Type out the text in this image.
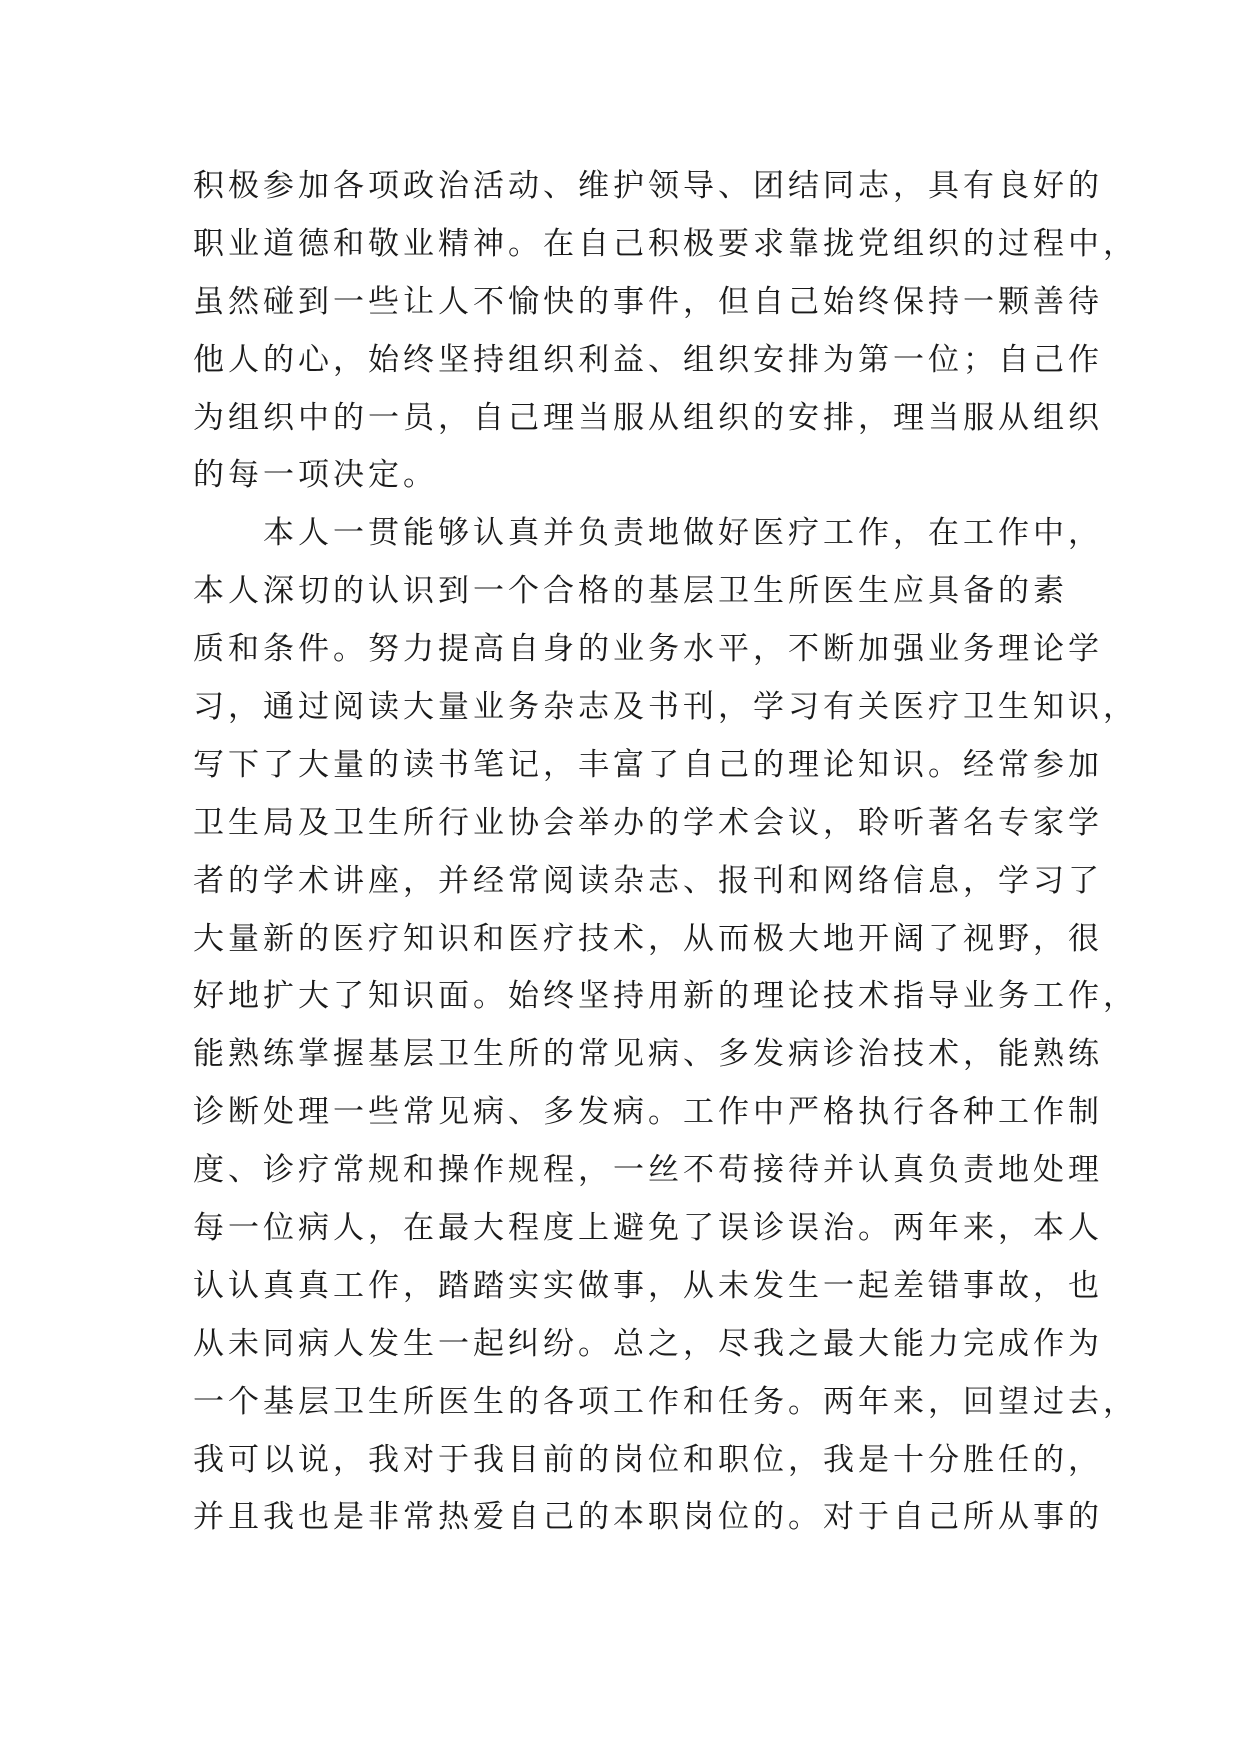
积极参加各项政治活动、维护领导、团结同志，具有良好的
职业道德和敬业精神。在自己积极要求靠拢党组织的过程中，
虽然碰到一些让人不愉快的事件，但自己始终保持一颗善待
他人的心，始终坚持组织利益、组织安排为第一位；自己作
为组织中的一员，自己理当服从组织的安排，理当服从组织
的每一项决定。
　　本人一贯能够认真并负责地做好医疗工作，在工作中，
本人深切的认识到一个合格的基层卫生所医生应具备的素
质和条件。努力提高自身的业务水平，不断加强业务理论学
习，通过阅读大量业务杂志及书刊，学习有关医疗卫生知识，
写下了大量的读书笔记，丰富了自己的理论知识。经常参加
卫生局及卫生所行业协会举办的学术会议，聆听著名专家学
者的学术讲座，并经常阅读杂志、报刊和网络信息，学习了
大量新的医疗知识和医疗技术，从而极大地开阔了视野，很
好地扩大了知识面。始终坚持用新的理论技术指导业务工作，
能熟练掌握基层卫生所的常见病、多发病诊治技术，能熟练
诊断处理一些常见病、多发病。工作中严格执行各种工作制
度、诊疗常规和操作规程，一丝不苟接待并认真负责地处理
每一位病人，在最大程度上避免了误诊误治。两年来，本人
认认真真工作，踏踏实实做事，从未发生一起差错事故，也
从未同病人发生一起纠纷。总之，尽我之最大能力完成作为
一个基层卫生所医生的各项工作和任务。两年来，回望过去，
我可以说，我对于我目前的岗位和职位，我是十分胜任的，
并且我也是非常热爱自己的本职岗位的。对于自己所从事的
